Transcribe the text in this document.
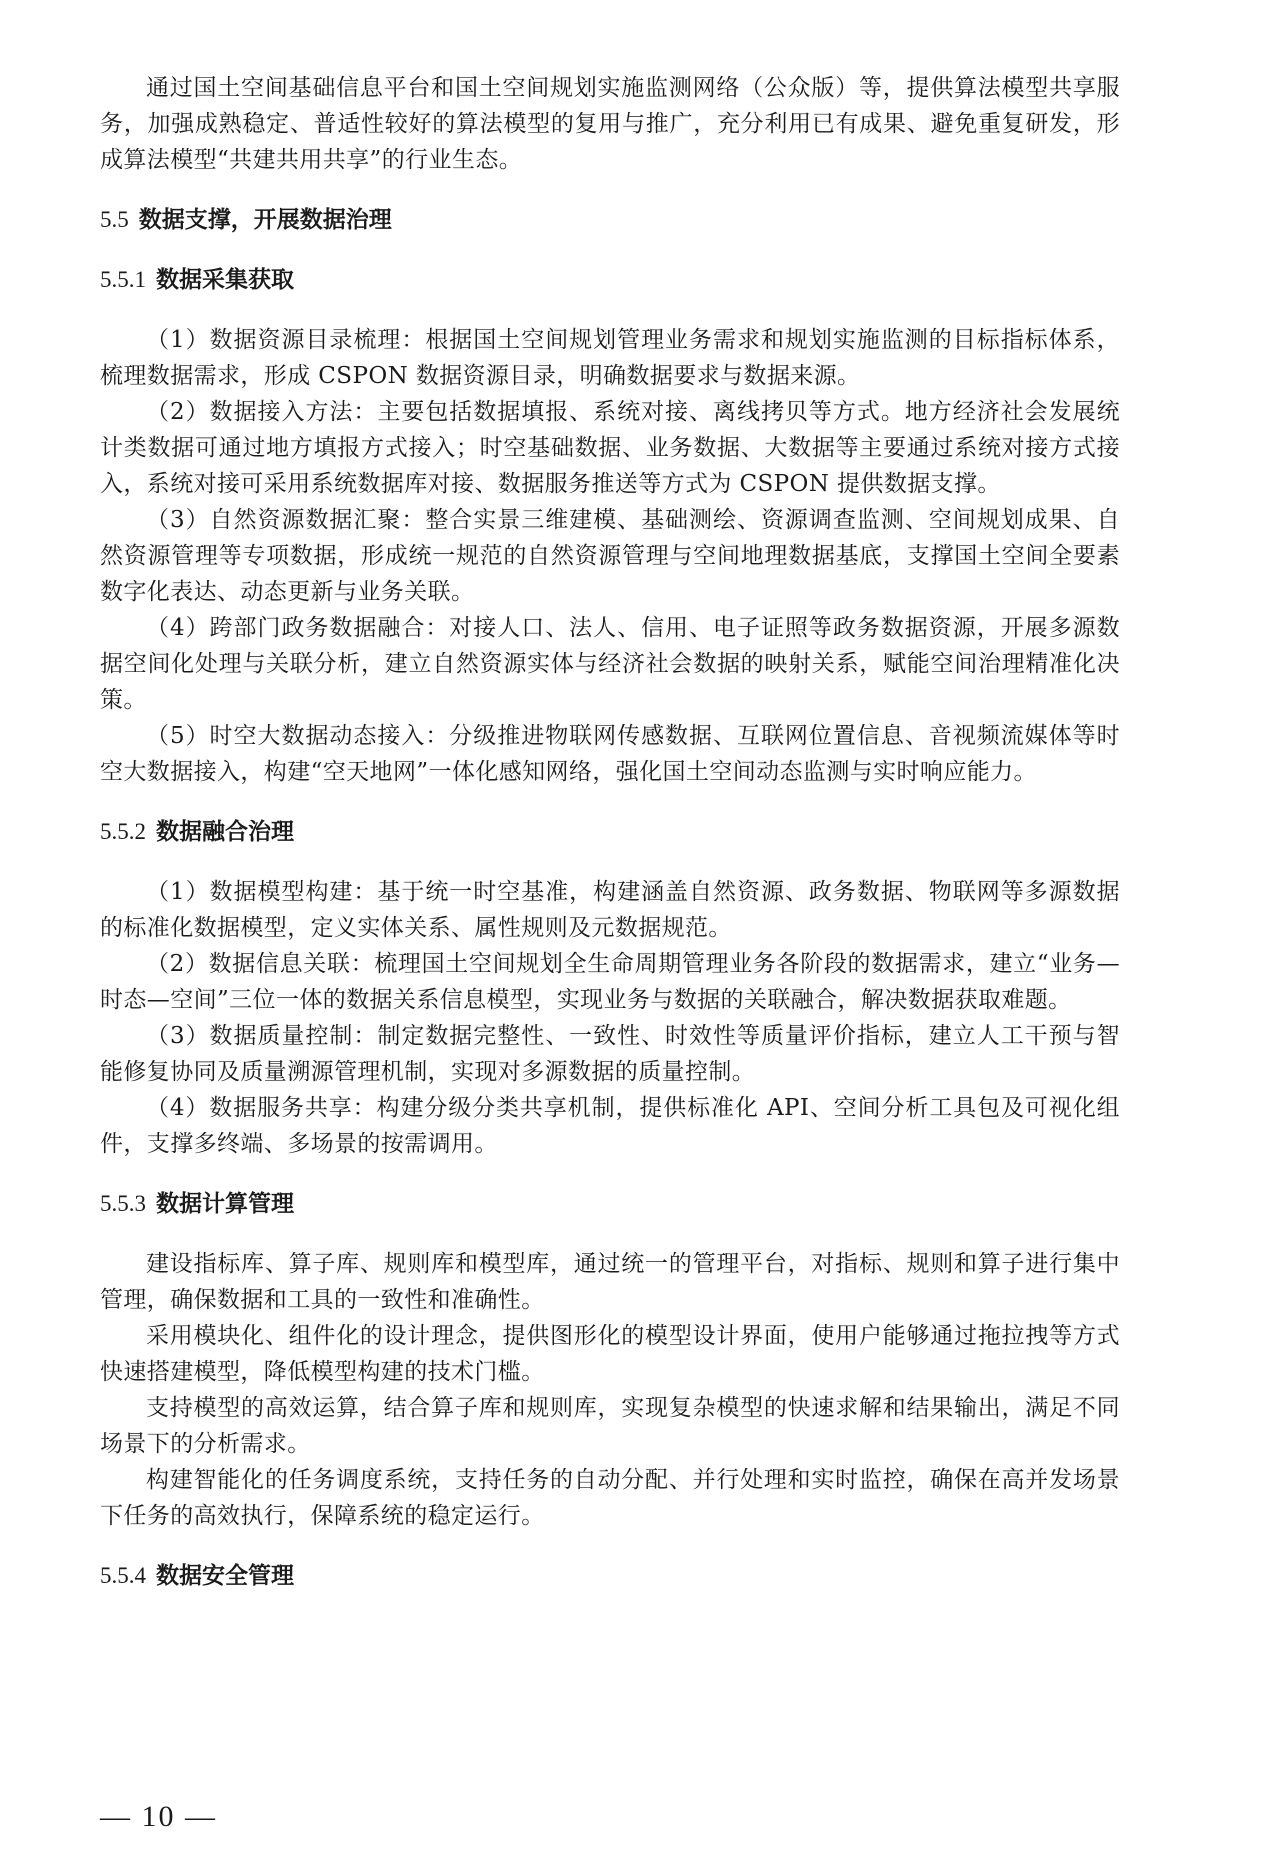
通过国土空间基础信息平台和国土空间规划实施监测网络（公众版）等，提供算法模型共享服务，加强成熟稳定、普适性较好的算法模型的复用与推广，充分利用已有成果、避免重复研发，形成算法模型“共建共用共享”的行业生态。

5.5 数据支撑，开展数据治理
5.5.1 数据采集获取

（1）数据资源目录梳理：根据国土空间规划管理业务需求和规划实施监测的目标指标体系，梳理数据需求，形成 CSPON 数据资源目录，明确数据要求与数据来源。

（2）数据接入方法：主要包括数据填报、系统对接、离线拷贝等方式。地方经济社会发展统计类数据可通过地方填报方式接入；时空基础数据、业务数据、大数据等主要通过系统对接方式接入，系统对接可采用系统数据库对接、数据服务推送等方式为 CSPON 提供数据支撑。

（3）自然资源数据汇聚：整合实景三维建模、基础测绘、资源调查监测、空间规划成果、自然资源管理等专项数据，形成统一规范的自然资源管理与空间地理数据基底，支撑国土空间全要素数字化表达、动态更新与业务关联。

（4）跨部门政务数据融合：对接人口、法人、信用、电子证照等政务数据资源，开展多源数据空间化处理与关联分析，建立自然资源实体与经济社会数据的映射关系，赋能空间治理精准化决策。

（5）时空大数据动态接入：分级推进物联网传感数据、互联网位置信息、音视频流媒体等时空大数据接入，构建“空天地网”一体化感知网络，强化国土空间动态监测与实时响应能力。

5.5.2 数据融合治理

（1）数据模型构建：基于统一时空基准，构建涵盖自然资源、政务数据、物联网等多源数据的标准化数据模型，定义实体关系、属性规则及元数据规范。

（2）数据信息关联：梳理国土空间规划全生命周期管理业务各阶段的数据需求，建立“业务—时态—空间”三位一体的数据关系信息模型，实现业务与数据的关联融合，解决数据获取难题。

（3）数据质量控制：制定数据完整性、一致性、时效性等质量评价指标，建立人工干预与智能修复协同及质量溯源管理机制，实现对多源数据的质量控制。

（4）数据服务共享：构建分级分类共享机制，提供标准化 API、空间分析工具包及可视化组件，支撑多终端、多场景的按需调用。

5.5.3 数据计算管理

建设指标库、算子库、规则库和模型库，通过统一的管理平台，对指标、规则和算子进行集中管理，确保数据和工具的一致性和准确性。

采用模块化、组件化的设计理念，提供图形化的模型设计界面，使用户能够通过拖拉拽等方式快速搭建模型，降低模型构建的技术门槛。

支持模型的高效运算，结合算子库和规则库，实现复杂模型的快速求解和结果输出，满足不同场景下的分析需求。

构建智能化的任务调度系统，支持任务的自动分配、并行处理和实时监控，确保在高并发场景下任务的高效执行，保障系统的稳定运行。

5.5.4 数据安全管理
— 10 —
